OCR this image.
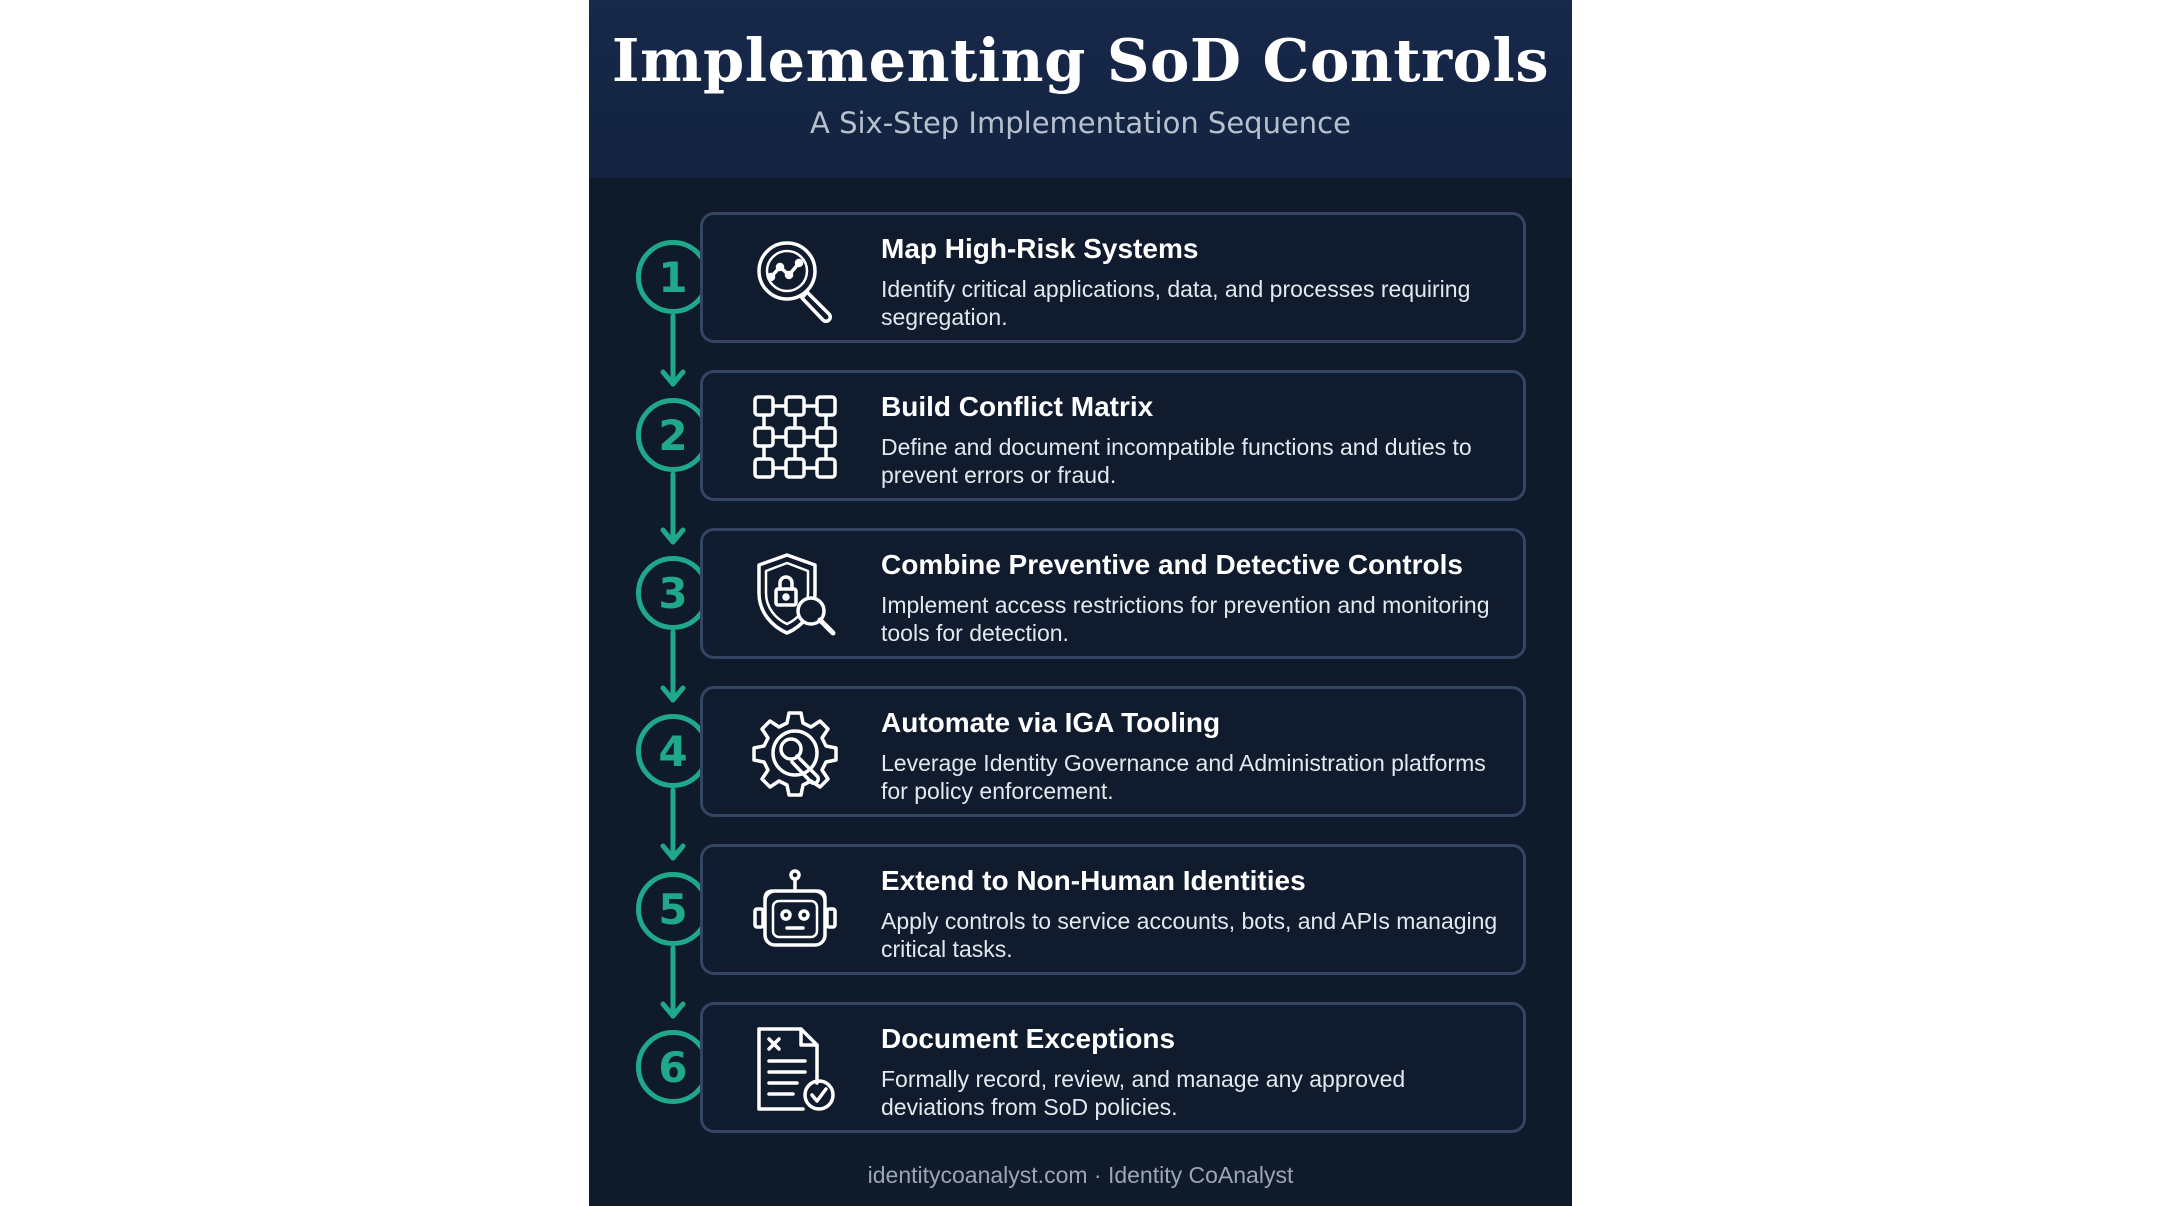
Implementing SoD Controls
A Six-Step Implementation Sequence
1
Map High-Risk Systems
Identify critical applications, data, and processes requiring segregation.
2
Build Conflict Matrix
Define and document incompatible functions and duties to prevent errors or fraud.
3
Combine Preventive and Detective Controls
Implement access restrictions for prevention and monitoring tools for detection.
4
Automate via IGA Tooling
Leverage Identity Governance and Administration platforms for policy enforcement.
5
Extend to Non-Human Identities
Apply controls to service accounts, bots, and APIs managing critical tasks.
6
Document Exceptions
Formally record, review, and manage any approved deviations from SoD policies.
identitycoanalyst.com · Identity CoAnalyst
